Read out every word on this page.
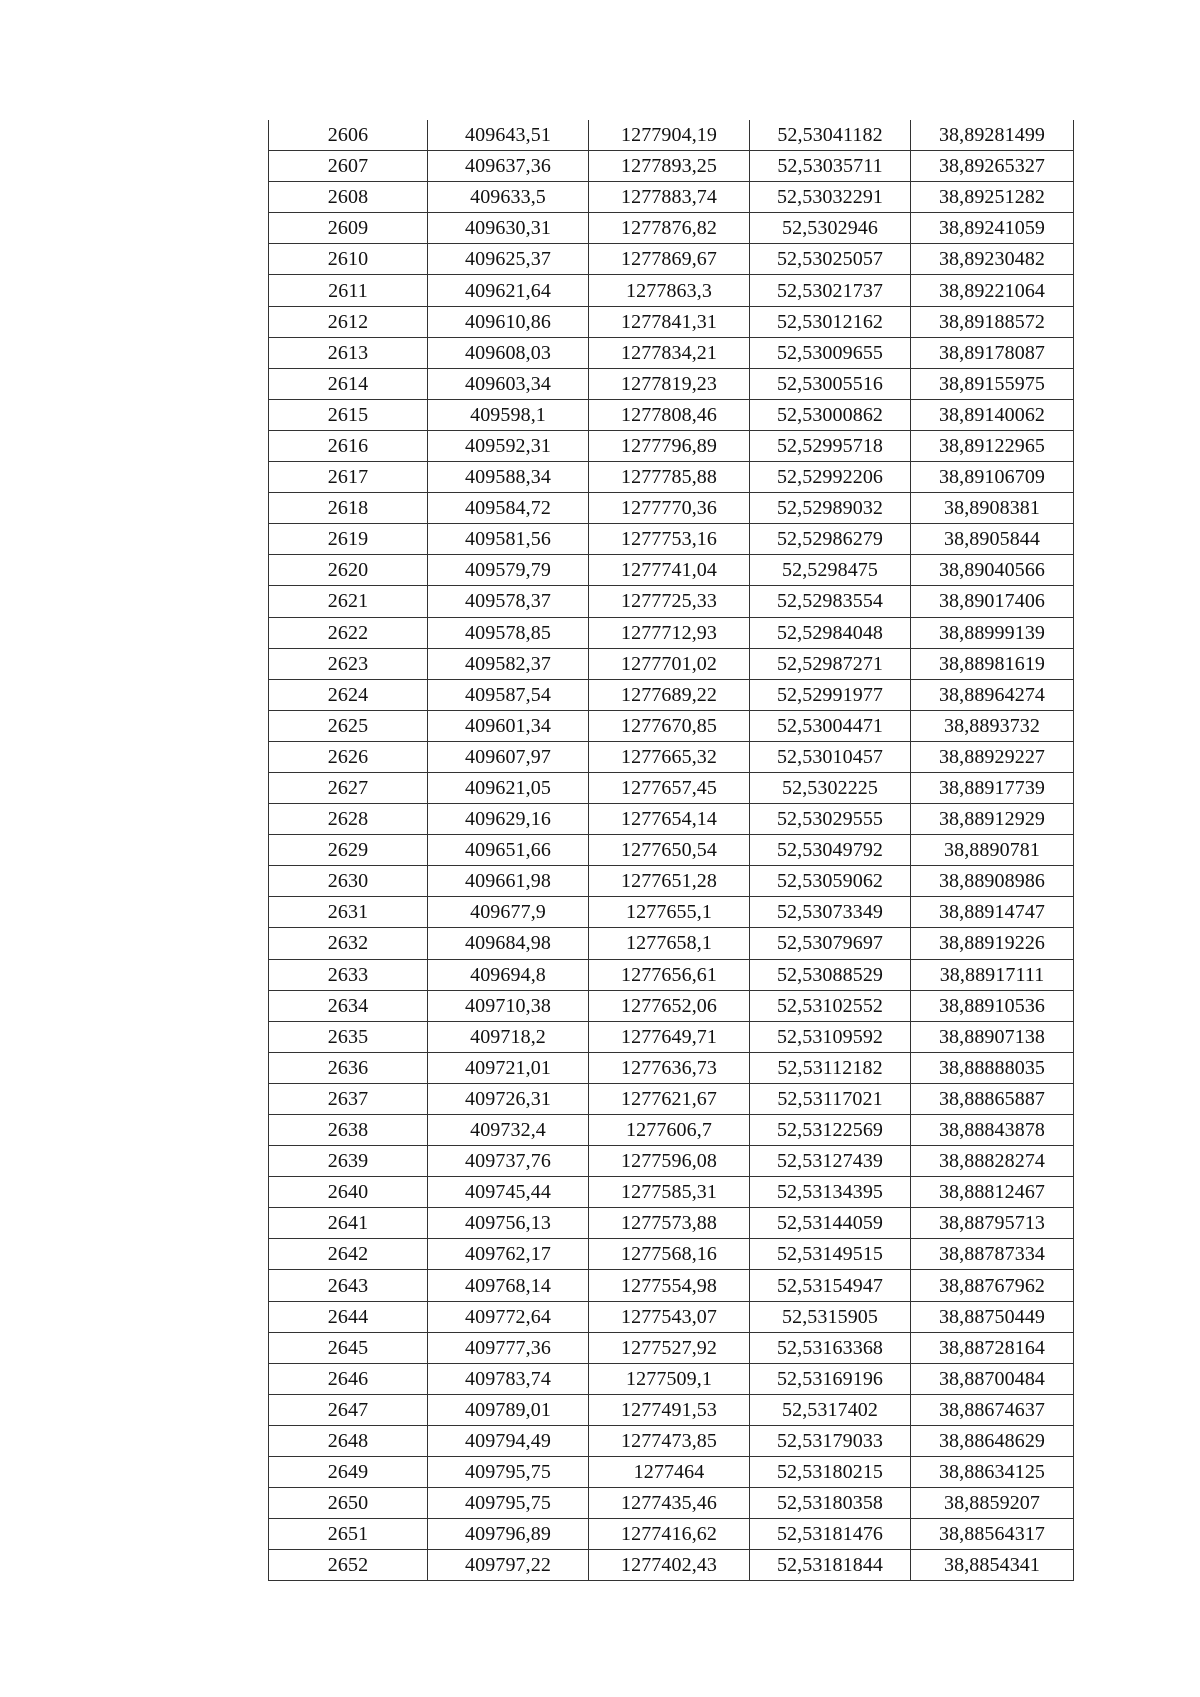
2606	409643,51	1277904,19	52,53041182	38,89281499
2607	409637,36	1277893,25	52,53035711	38,89265327
2608	409633,5	1277883,74	52,53032291	38,89251282
2609	409630,31	1277876,82	52,5302946	38,89241059
2610	409625,37	1277869,67	52,53025057	38,89230482
2611	409621,64	1277863,3	52,53021737	38,89221064
2612	409610,86	1277841,31	52,53012162	38,89188572
2613	409608,03	1277834,21	52,53009655	38,89178087
2614	409603,34	1277819,23	52,53005516	38,89155975
2615	409598,1	1277808,46	52,53000862	38,89140062
2616	409592,31	1277796,89	52,52995718	38,89122965
2617	409588,34	1277785,88	52,52992206	38,89106709
2618	409584,72	1277770,36	52,52989032	38,8908381
2619	409581,56	1277753,16	52,52986279	38,8905844
2620	409579,79	1277741,04	52,5298475	38,89040566
2621	409578,37	1277725,33	52,52983554	38,89017406
2622	409578,85	1277712,93	52,52984048	38,88999139
2623	409582,37	1277701,02	52,52987271	38,88981619
2624	409587,54	1277689,22	52,52991977	38,88964274
2625	409601,34	1277670,85	52,53004471	38,8893732
2626	409607,97	1277665,32	52,53010457	38,88929227
2627	409621,05	1277657,45	52,5302225	38,88917739
2628	409629,16	1277654,14	52,53029555	38,88912929
2629	409651,66	1277650,54	52,53049792	38,8890781
2630	409661,98	1277651,28	52,53059062	38,88908986
2631	409677,9	1277655,1	52,53073349	38,88914747
2632	409684,98	1277658,1	52,53079697	38,88919226
2633	409694,8	1277656,61	52,53088529	38,88917111
2634	409710,38	1277652,06	52,53102552	38,88910536
2635	409718,2	1277649,71	52,53109592	38,88907138
2636	409721,01	1277636,73	52,53112182	38,88888035
2637	409726,31	1277621,67	52,53117021	38,88865887
2638	409732,4	1277606,7	52,53122569	38,88843878
2639	409737,76	1277596,08	52,53127439	38,88828274
2640	409745,44	1277585,31	52,53134395	38,88812467
2641	409756,13	1277573,88	52,53144059	38,88795713
2642	409762,17	1277568,16	52,53149515	38,88787334
2643	409768,14	1277554,98	52,53154947	38,88767962
2644	409772,64	1277543,07	52,5315905	38,88750449
2645	409777,36	1277527,92	52,53163368	38,88728164
2646	409783,74	1277509,1	52,53169196	38,88700484
2647	409789,01	1277491,53	52,5317402	38,88674637
2648	409794,49	1277473,85	52,53179033	38,88648629
2649	409795,75	1277464	52,53180215	38,88634125
2650	409795,75	1277435,46	52,53180358	38,8859207
2651	409796,89	1277416,62	52,53181476	38,88564317
2652	409797,22	1277402,43	52,53181844	38,8854341
